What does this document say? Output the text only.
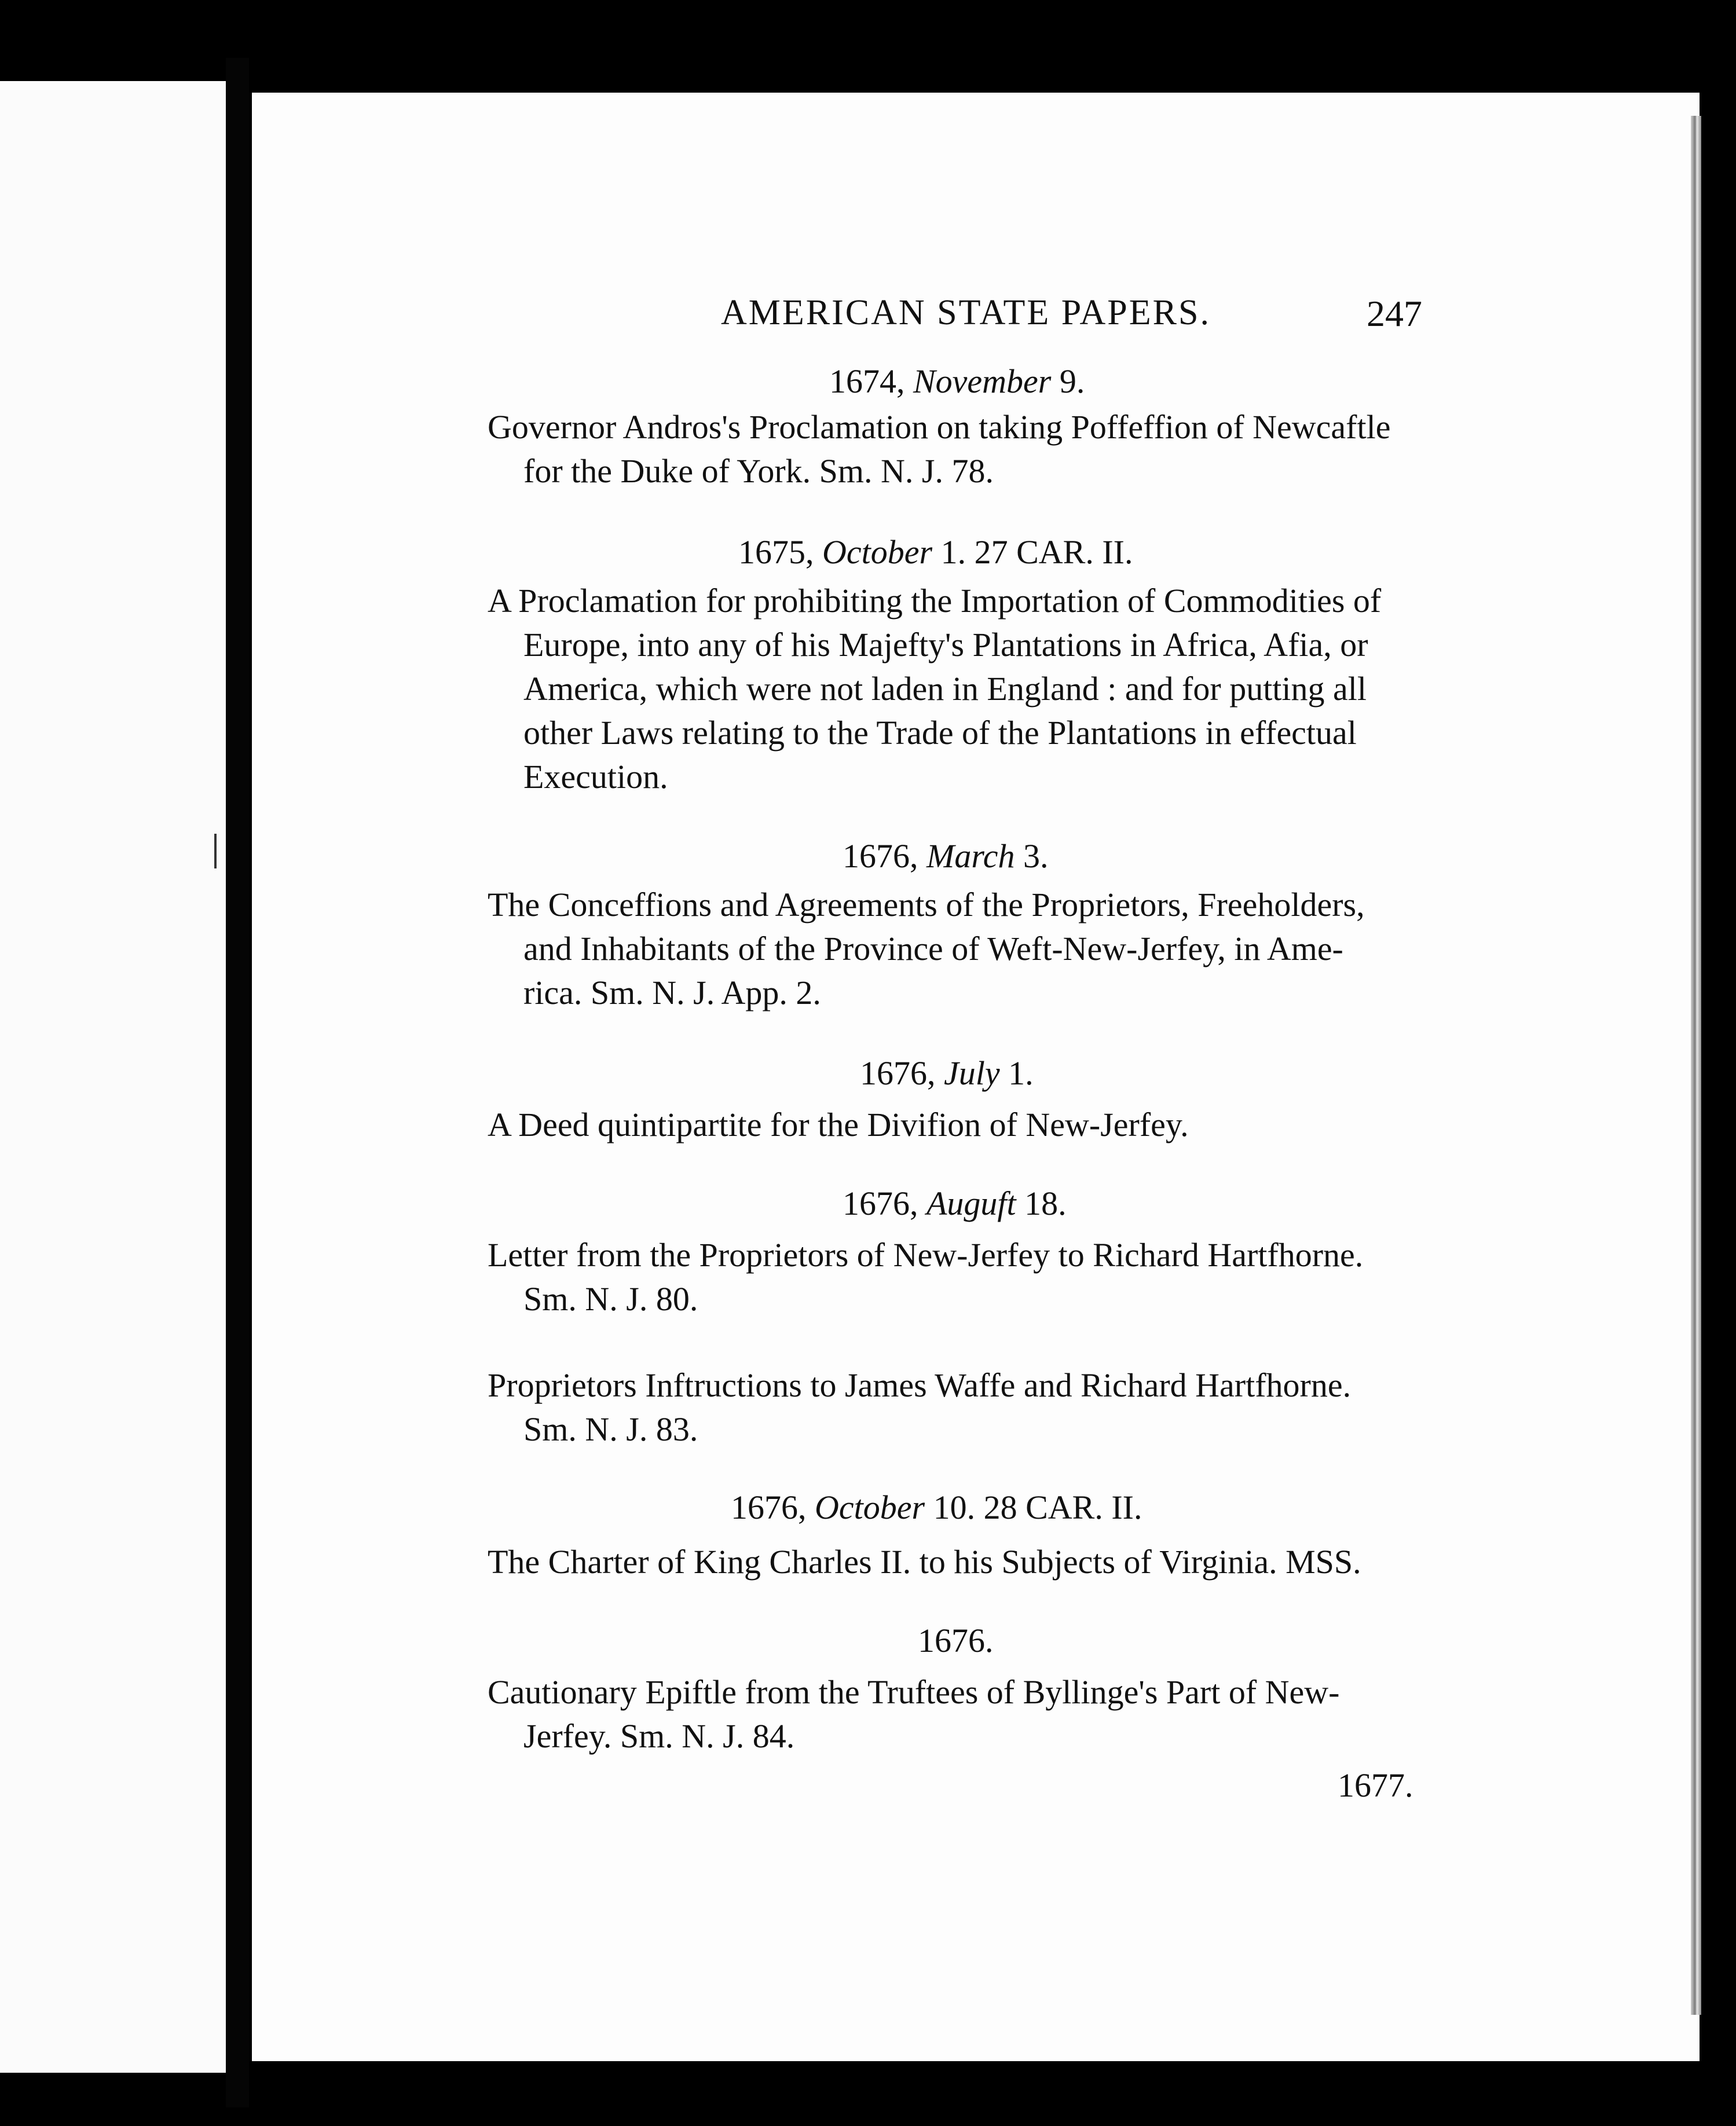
AMERICAN STATE PAPERS.	247
1674, November 9.
Governor Andros's Proclamation on taking Poffeffion of Newcaftle
for the Duke of York. Sm. N. J. 78.
1675, October 1. 27 CAR. II.
A Proclamation for prohibiting the Importation of Commodities of
Europe, into any of his Majefty's Plantations in Africa, Afia, or
America, which were not laden in England : and for putting all
other Laws relating to the Trade of the Plantations in effectual
Execution.
1676, March 3.
The Conceffions and Agreements of the Proprietors, Freeholders,
and Inhabitants of the Province of Weft-New-Jerfey, in Ame-
rica. Sm. N. J. App. 2.
1676, July 1.
A Deed quintipartite for the Divifion of New-Jerfey.
1676, Auguft 18.
Letter from the Proprietors of New-Jerfey to Richard Hartfhorne.
Sm. N. J. 80.
Proprietors Inftructions to James Waffe and Richard Hartfhorne.
Sm. N. J. 83.
1676, October 10. 28 CAR. II.
The Charter of King Charles II. to his Subjects of Virginia. MSS.
1676.
Cautionary Epiftle from the Truftees of Byllinge's Part of New-
Jerfey. Sm. N. J. 84.
1677.
